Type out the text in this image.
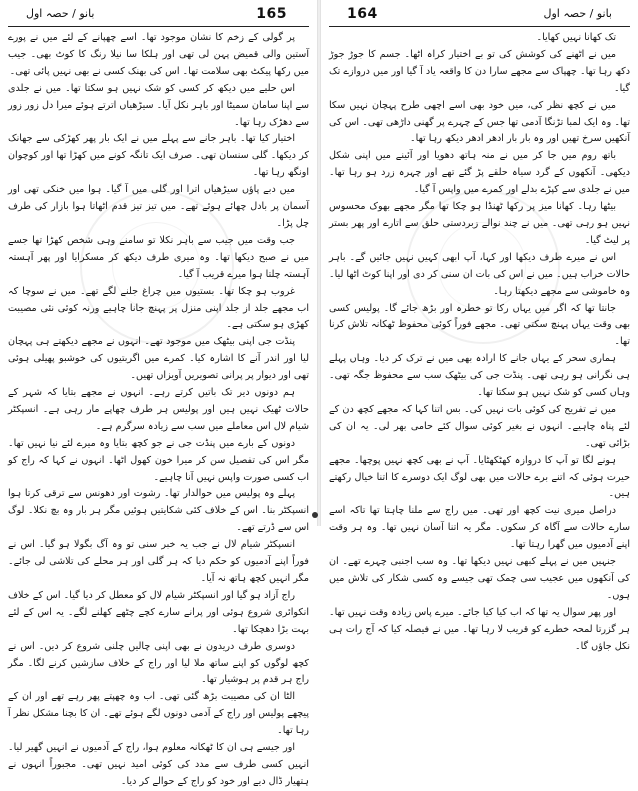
165
بانو / حصہ اول

پر گولی کے زخم کا نشان موجود تھا۔ اسے چھپانے کے لئے میں نے پورے آستین والی قمیض پہن لی تھی اور ہلکا سا نیلا رنگ کا کوٹ بھی۔ جیب میں رکھا پیکٹ بھی سلامت تھا۔ اس کی بھنک کسی نے بھی نہیں پائی تھی۔

اس حلیے میں دیکھ کر کسی کو شک نہیں ہو سکتا تھا۔ میں نے جلدی سے اپنا سامان سمیٹا اور باہر نکل آیا۔ سیڑھیاں اترتے ہوئے میرا دل زور زور سے دھڑک رہا تھا۔

اختیار کیا تھا۔ باہر جانے سے پہلے میں نے ایک بار پھر کھڑکی سے جھانک کر دیکھا۔ گلی سنسان تھی۔ صرف ایک تانگہ کونے میں کھڑا تھا اور کوچوان اونگھ رہا تھا۔

میں دبے پاؤں سیڑھیاں اترا اور گلی میں آ گیا۔ ہوا میں خنکی تھی اور آسمان پر بادل چھائے ہوئے تھے۔ میں تیز تیز قدم اٹھاتا ہوا بازار کی طرف چل پڑا۔

جب وقت میں جیب سے باہر نکلا تو سامنے وہی شخص کھڑا تھا جسے میں نے صبح دیکھا تھا۔ وہ میری طرف دیکھ کر مسکرایا اور پھر آہستہ آہستہ چلتا ہوا میرے قریب آ گیا۔

غروب ہو چکا تھا۔ بستیوں میں چراغ جلنے لگے تھے۔ میں نے سوچا کہ اب مجھے جلد از جلد اپنی منزل پر پہنچ جانا چاہیے ورنہ کوئی نئی مصیبت کھڑی ہو سکتی ہے۔

پنڈت جی اپنی بیٹھک میں موجود تھے۔ انہوں نے مجھے دیکھتے ہی پہچان لیا اور اندر آنے کا اشارہ کیا۔ کمرے میں اگربتیوں کی خوشبو پھیلی ہوئی تھی اور دیوار پر پرانی تصویریں آویزاں تھیں۔

ہم دونوں دیر تک باتیں کرتے رہے۔ انہوں نے مجھے بتایا کہ شہر کے حالات ٹھیک نہیں ہیں اور پولیس ہر طرف چھاپے مار رہی ہے۔ انسپکٹر شیام لال اس معاملے میں سب سے زیادہ سرگرم ہے۔

دونوں کے بارے میں پنڈت جی نے جو کچھ بتایا وہ میرے لئے نیا نہیں تھا۔ مگر اس کی تفصیل سن کر میرا خون کھول اٹھا۔ انہوں نے کہا کہ راج کو اب کسی صورت واپس نہیں آنا چاہیے۔

پہلے وہ پولیس میں حوالدار تھا۔ رشوت اور دھونس سے ترقی کرتا ہوا انسپکٹر بنا۔ اس کے خلاف کئی شکایتیں ہوئیں مگر ہر بار وہ بچ نکلا۔ لوگ اس سے ڈرتے تھے۔

انسپکٹر شیام لال نے جب یہ خبر سنی تو وہ آگ بگولا ہو گیا۔ اس نے فوراً اپنے آدمیوں کو حکم دیا کہ ہر گلی اور ہر محلے کی تلاشی لی جائے۔ مگر انہیں کچھ ہاتھ نہ آیا۔

راج آزاد ہو گیا اور انسپکٹر شیام لال کو معطل کر دیا گیا۔ اس کے خلاف انکوائری شروع ہوئی اور پرانے سارے کچے چٹھے کھلنے لگے۔ یہ اس کے لئے بہت بڑا دھچکا تھا۔

دوسری طرف دریدون نے بھی اپنی چالیں چلنی شروع کر دیں۔ اس نے کچھ لوگوں کو اپنے ساتھ ملا لیا اور راج کے خلاف سازشیں کرنے لگا۔ مگر راج ہر قدم پر ہوشیار تھا۔

الٹا ان کی مصیبت بڑھ گئی تھی۔ اب وہ چھپتے پھر رہے تھے اور ان کے پیچھے پولیس اور راج کے آدمی دونوں لگے ہوئے تھے۔ ان کا بچنا مشکل نظر آ رہا تھا۔

اور جیسے ہی ان کا ٹھکانہ معلوم ہوا، راج کے آدمیوں نے انہیں گھیر لیا۔ انہیں کسی طرف سے مدد کی کوئی امید نہیں تھی۔ مجبوراً انہوں نے ہتھیار ڈال دیے اور خود کو راج کے حوالے کر دیا۔

164	بانو / حصہ اول

تک کھانا نہیں کھایا۔

میں نے اٹھنے کی کوشش کی تو بے اختیار کراہ اٹھا۔ جسم کا جوڑ جوڑ دکھ رہا تھا۔ چھپاک سے مجھے سارا دن کا واقعہ یاد آ گیا اور میں دروازے تک گیا۔

میں نے کچھ نظر کی، میں خود بھی اسے اچھی طرح پہچان نہیں سکا تھا۔ وہ ایک لمبا تڑنگا آدمی تھا جس کے چہرے پر گھنی داڑھی تھی۔ اس کی آنکھیں سرخ تھیں اور وہ بار بار ادھر ادھر دیکھ رہا تھا۔

باتھ روم میں جا کر میں نے منہ ہاتھ دھویا اور آئینے میں اپنی شکل دیکھی۔ آنکھوں کے گرد سیاہ حلقے پڑ گئے تھے اور چہرہ زرد ہو رہا تھا۔ میں نے جلدی سے کپڑے بدلے اور کمرے میں واپس آ گیا۔

بیٹھا رہا۔ کھانا میز پر رکھا ٹھنڈا ہو چکا تھا مگر مجھے بھوک محسوس نہیں ہو رہی تھی۔ میں نے چند نوالے زبردستی حلق سے اتارے اور پھر بستر پر لیٹ گیا۔

اس نے میرے طرف دیکھا اور کہا، آپ ابھی کہیں نہیں جائیں گے۔ باہر حالات خراب ہیں۔ میں نے اس کی بات ان سنی کر دی اور اپنا کوٹ اٹھا لیا۔ وہ خاموشی سے مجھے دیکھتا رہا۔

جانتا تھا کہ اگر میں یہاں رکا تو خطرہ اور بڑھ جائے گا۔ پولیس کسی بھی وقت یہاں پہنچ سکتی تھی۔ مجھے فوراً کوئی محفوظ ٹھکانہ تلاش کرنا تھا۔

ہماری سحر کے یہاں جانے کا ارادہ بھی میں نے ترک کر دیا۔ وہاں پہلے ہی نگرانی ہو رہی تھی۔ پنڈت جی کی بیٹھک سب سے محفوظ جگہ تھی۔ وہاں کسی کو شک نہیں ہو سکتا تھا۔

میں نے تفریح کی کوئی بات نہیں کی۔ بس اتنا کہا کہ مجھے کچھ دن کے لئے پناہ چاہیے۔ انہوں نے بغیر کوئی سوال کئے حامی بھر لی۔ یہ ان کی بڑائی تھی۔

ہونے لگا تو آپ کا دروازہ کھٹکھٹایا۔ آپ نے بھی کچھ نہیں پوچھا۔ مجھے حیرت ہوئی کہ اتنے برے حالات میں بھی لوگ ایک دوسرے کا اتنا خیال رکھتے ہیں۔

دراصل میری نیت کچھ اور تھی۔ میں راج سے ملنا چاہتا تھا تاکہ اسے سارے حالات سے آگاہ کر سکوں۔ مگر یہ اتنا آسان نہیں تھا۔ وہ ہر وقت اپنے آدمیوں میں گھرا رہتا تھا۔

جنہیں میں نے پہلے کبھی نہیں دیکھا تھا۔ وہ سب اجنبی چہرے تھے۔ ان کی آنکھوں میں عجیب سی چمک تھی جیسے وہ کسی شکار کی تلاش میں ہوں۔

اور پھر سوال یہ تھا کہ اب کیا کیا جائے۔ میرے پاس زیادہ وقت نہیں تھا۔ ہر گزرتا لمحہ خطرے کو قریب لا رہا تھا۔ میں نے فیصلہ کیا کہ آج رات ہی نکل جاؤں گا۔
